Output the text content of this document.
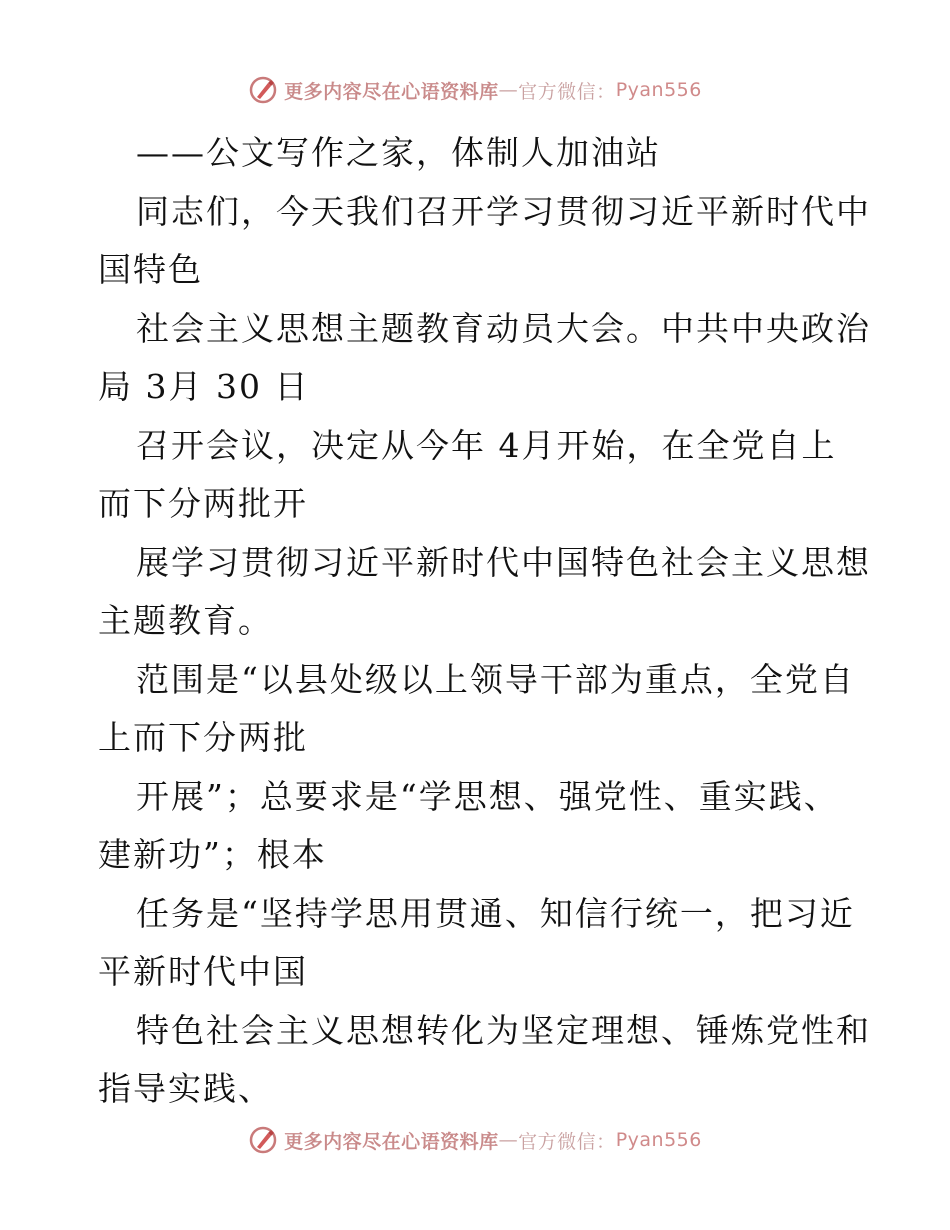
更多内容尽在心语资料库 — 官方微信： Pyan556
——公文写作之家，体制人加油站
同志们，今天我们召开学习贯彻习近平新时代中
国特色
社会主义思想主题教育动员大会。中共中央政治
局 3月 30 日
召开会议，决定从今年 4月开始，在全党自上
而下分两批开
展学习贯彻习近平新时代中国特色社会主义思想
主题教育。
范围是“以县处级以上领导干部为重点，全党自
上而下分两批
开展”；总要求是“学思想、强党性、重实践、
建新功”；根本
任务是“坚持学思用贯通、知信行统一，把习近
平新时代中国
特色社会主义思想转化为坚定理想、锤炼党性和
指导实践、
更多内容尽在心语资料库 — 官方微信： Pyan556
